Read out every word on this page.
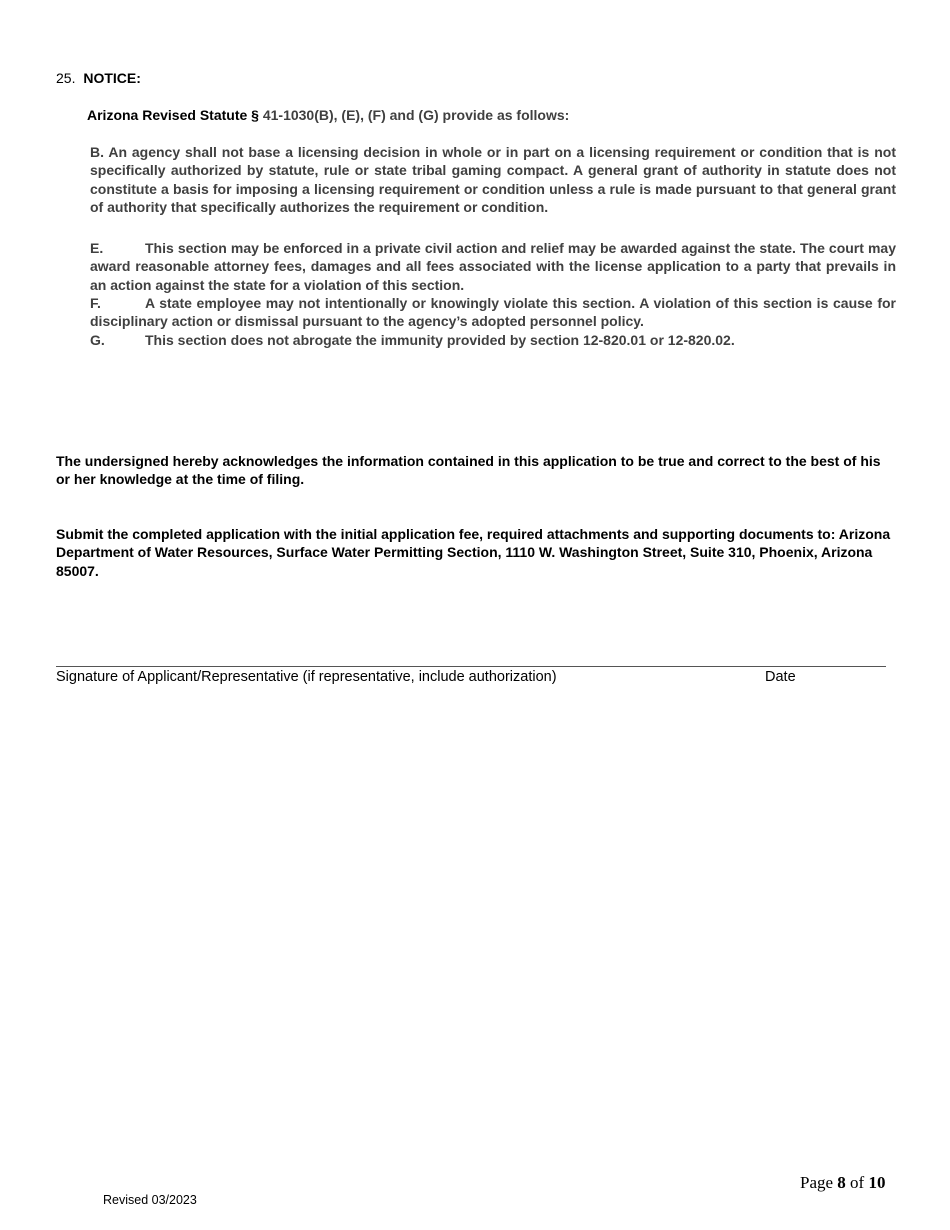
25. NOTICE:
Arizona Revised Statute § 41-1030(B), (E), (F) and (G) provide as follows:
B. An agency shall not base a licensing decision in whole or in part on a licensing requirement or condition that is not specifically authorized by statute, rule or state tribal gaming compact. A general grant of authority in statute does not constitute a basis for imposing a licensing requirement or condition unless a rule is made pursuant to that general grant of authority that specifically authorizes the requirement or condition.
E.	This section may be enforced in a private civil action and relief may be awarded against the state. The court may award reasonable attorney fees, damages and all fees associated with the license application to a party that prevails in an action against the state for a violation of this section.
F.	A state employee may not intentionally or knowingly violate this section. A violation of this section is cause for disciplinary action or dismissal pursuant to the agency’s adopted personnel policy.
G.	This section does not abrogate the immunity provided by section 12-820.01 or 12-820.02.
The undersigned hereby acknowledges the information contained in this application to be true and correct to the best of his or her knowledge at the time of filing.
Submit the completed application with the initial application fee, required attachments and supporting documents to: Arizona Department of Water Resources, Surface Water Permitting Section, 1110 W. Washington Street, Suite 310, Phoenix, Arizona 85007.
Signature of Applicant/Representative (if representative, include authorization)	Date
Page 8 of 10
Revised 03/2023
